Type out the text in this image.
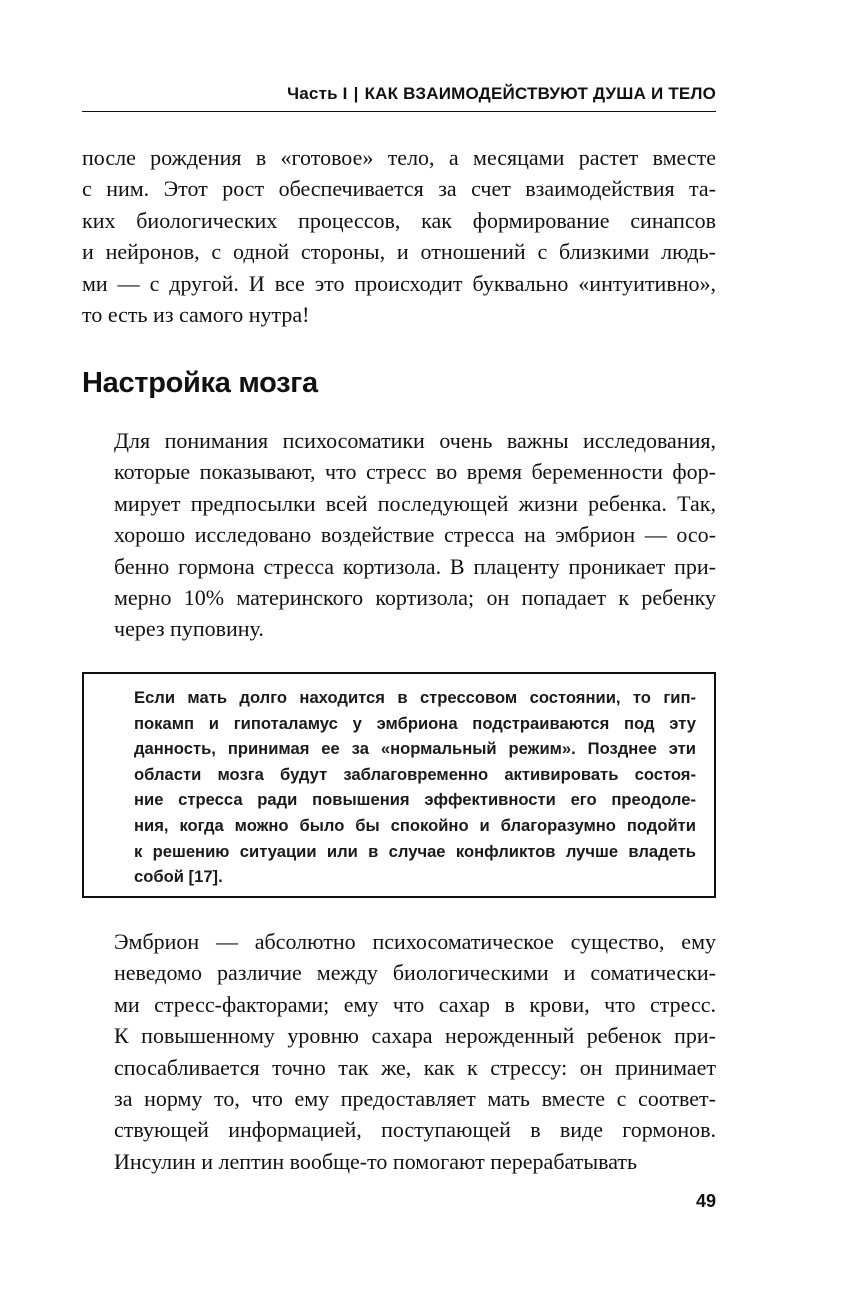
Часть I | КАК ВЗАИМОДЕЙСТВУЮТ ДУША И ТЕЛО

после рождения в «готовое» тело, а месяцами растет вместе
с ним. Этот рост обеспечивается за счет взаимодействия та-
ких биологических процессов, как формирование синапсов
и нейронов, с одной стороны, и отношений с близкими людь-
ми — с другой. И все это происходит буквально «интуитивно»,
то есть из самого нутра!

Настройка мозга

Для понимания психосоматики очень важны исследования,
которые показывают, что стресс во время беременности фор-
мирует предпосылки всей последующей жизни ребенка. Так,
хорошо исследовано воздействие стресса на эмбрион — осо-
бенно гормона стресса кортизола. В плаценту проникает при-
мерно 10% материнского кортизола; он попадает к ребенку
через пуповину.

Если мать долго находится в стрессовом состоянии, то гип-
покамп и гипоталамус у эмбриона подстраиваются под эту
данность, принимая ее за «нормальный режим». Позднее эти
области мозга будут заблаговременно активировать состоя-
ние стресса ради повышения эффективности его преодоле-
ния, когда можно было бы спокойно и благоразумно подойти
к решению ситуации или в случае конфликтов лучше владеть
собой [17].

Эмбрион — абсолютно психосоматическое существо, ему
неведомо различие между биологическими и соматически-
ми стресс-факторами; ему что сахар в крови, что стресс.
К повышенному уровню сахара нерожденный ребенок при-
спосабливается точно так же, как к стрессу: он принимает
за норму то, что ему предоставляет мать вместе с соответ-
ствующей информацией, поступающей в виде гормонов.
Инсулин и лептин вообще-то помогают перерабатывать

49
